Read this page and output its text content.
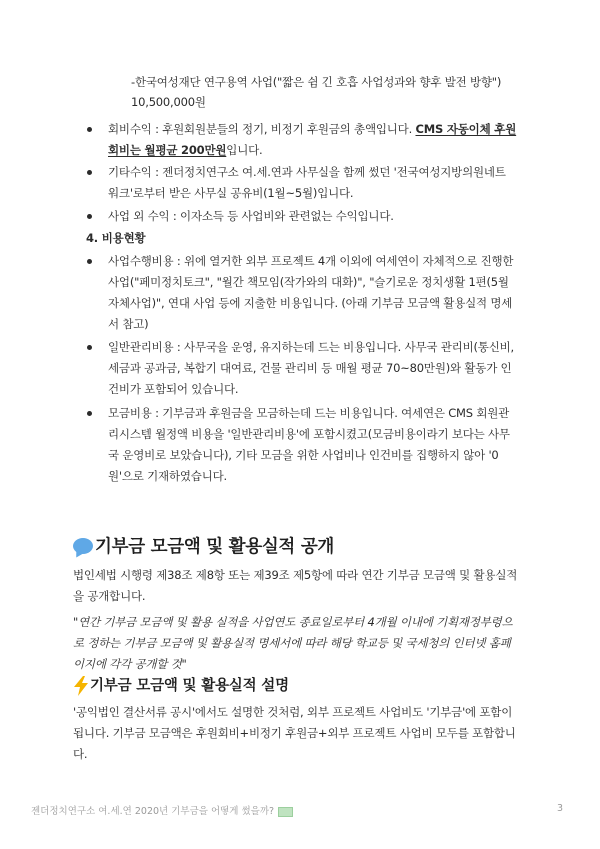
-한국여성재단 연구용역 사업("짧은 쉼 긴 호흡 사업성과와 향후 발전 방향")
10,500,000원
회비수익 : 후원회원분들의 정기, 비정기 후원금의 총액입니다. CMS 자동이체 후원
회비는 월평균 200만원입니다.
기타수익 : 젠더정치연구소 여.세.연과 사무실을 함께 썼던 '전국여성지방의원네트
워크'로부터 받은 사무실 공유비(1월~5월)입니다.
사업 외 수익 : 이자소득 등 사업비와 관련없는 수익입니다.
4. 비용현황
사업수행비용 : 위에 열거한 외부 프로젝트 4개 이외에 여세연이 자체적으로 진행한
사업("페미정치토크", "월간 책모임(작가와의 대화)", "슬기로운 정치생활 1편(5월
자체사업)", 연대 사업 등에 지출한 비용입니다. (아래 기부금 모금액 활용실적 명세
서 참고)
일반관리비용 : 사무국을 운영, 유지하는데 드는 비용입니다. 사무국 관리비(통신비,
세금과 공과금, 복합기 대여료, 건물 관리비 등 매월 평균 70~80만원)와 활동가 인
건비가 포함되어 있습니다.
모금비용 : 기부금과 후원금을 모금하는데 드는 비용입니다. 여세연은 CMS 회원관
리시스템 월정액 비용을 '일반관리비용'에 포함시켰고(모금비용이라기 보다는 사무
국 운영비로 보았습니다), 기타 모금을 위한 사업비나 인건비를 집행하지 않아 '0
원'으로 기재하였습니다.
기부금 모금액 및 활용실적 공개
법인세법 시행령 제38조 제8항 또는 제39조 제5항에 따라 연간 기부금 모금액 및 활용실적
을 공개합니다.
"연간 기부금 모금액 및 활용 실적을 사업연도 종료일로부터 4개월 이내에 기획재정부령으
로 정하는 기부금 모금액 및 활용실적 명세서에 따라 해당 학교등 및 국세청의 인터넷 홈페
이지에 각각 공개할 것"
기부금 모금액 및 활용실적 설명
'공익법인 결산서류 공시'에서도 설명한 것처럼, 외부 프로젝트 사업비도 '기부금'에 포함이
됩니다. 기부금 모금액은 후원회비+비정기 후원금+외부 프로젝트 사업비 모두를 포함합니
다.
젠더정치연구소 여.세.연 2020년 기부금을 어떻게 썼을까?	3
